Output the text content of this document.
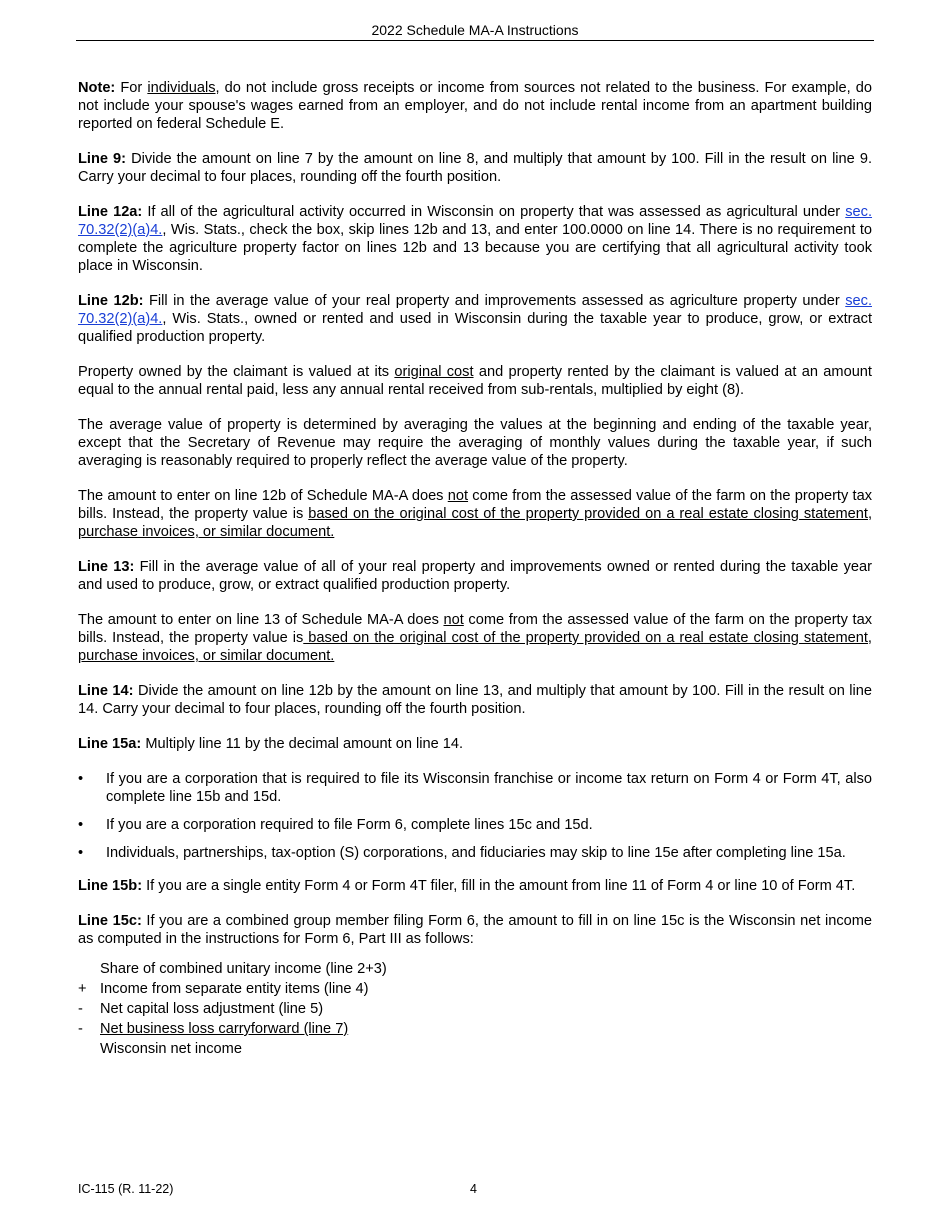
2022 Schedule MA-A Instructions

Note: For individuals, do not include gross receipts or income from sources not related to the business. For example, do not include your spouse's wages earned from an employer, and do not include rental income from an apartment building reported on federal Schedule E.

Line 9: Divide the amount on line 7 by the amount on line 8, and multiply that amount by 100. Fill in the result on line 9. Carry your decimal to four places, rounding off the fourth position.

Line 12a: If all of the agricultural activity occurred in Wisconsin on property that was assessed as agricultural under sec. 70.32(2)(a)4., Wis. Stats., check the box, skip lines 12b and 13, and enter 100.0000 on line 14. There is no requirement to complete the agriculture property factor on lines 12b and 13 because you are certifying that all agricultural activity took place in Wisconsin.

Line 12b: Fill in the average value of your real property and improvements assessed as agriculture property under sec. 70.32(2)(a)4., Wis. Stats., owned or rented and used in Wisconsin during the taxable year to produce, grow, or extract qualified production property.

Property owned by the claimant is valued at its original cost and property rented by the claimant is valued at an amount equal to the annual rental paid, less any annual rental received from sub-rentals, multiplied by eight (8).

The average value of property is determined by averaging the values at the beginning and ending of the taxable year, except that the Secretary of Revenue may require the averaging of monthly values during the taxable year, if such averaging is reasonably required to properly reflect the average value of the property.

The amount to enter on line 12b of Schedule MA-A does not come from the assessed value of the farm on the property tax bills. Instead, the property value is based on the original cost of the property provided on a real estate closing statement, purchase invoices, or similar document.

Line 13: Fill in the average value of all of your real property and improvements owned or rented during the taxable year and used to produce, grow, or extract qualified production property.

The amount to enter on line 13 of Schedule MA-A does not come from the assessed value of the farm on the property tax bills. Instead, the property value is based on the original cost of the property provided on a real estate closing statement, purchase invoices, or similar document.

Line 14: Divide the amount on line 12b by the amount on line 13, and multiply that amount by 100. Fill in the result on line 14. Carry your decimal to four places, rounding off the fourth position.

Line 15a: Multiply line 11 by the decimal amount on line 14.

• If you are a corporation that is required to file its Wisconsin franchise or income tax return on Form 4 or Form 4T, also complete line 15b and 15d.
• If you are a corporation required to file Form 6, complete lines 15c and 15d.
• Individuals, partnerships, tax-option (S) corporations, and fiduciaries may skip to line 15e after completing line 15a.

Line 15b: If you are a single entity Form 4 or Form 4T filer, fill in the amount from line 11 of Form 4 or line 10 of Form 4T.

Line 15c: If you are a combined group member filing Form 6, the amount to fill in on line 15c is the Wisconsin net income as computed in the instructions for Form 6, Part III as follows:

Share of combined unitary income (line 2+3)
+ Income from separate entity items (line 4)
-	Net capital loss adjustment (line 5)
-	Net business loss carryforward (line 7)
Wisconsin net income
IC-115 (R. 11-22)	4
